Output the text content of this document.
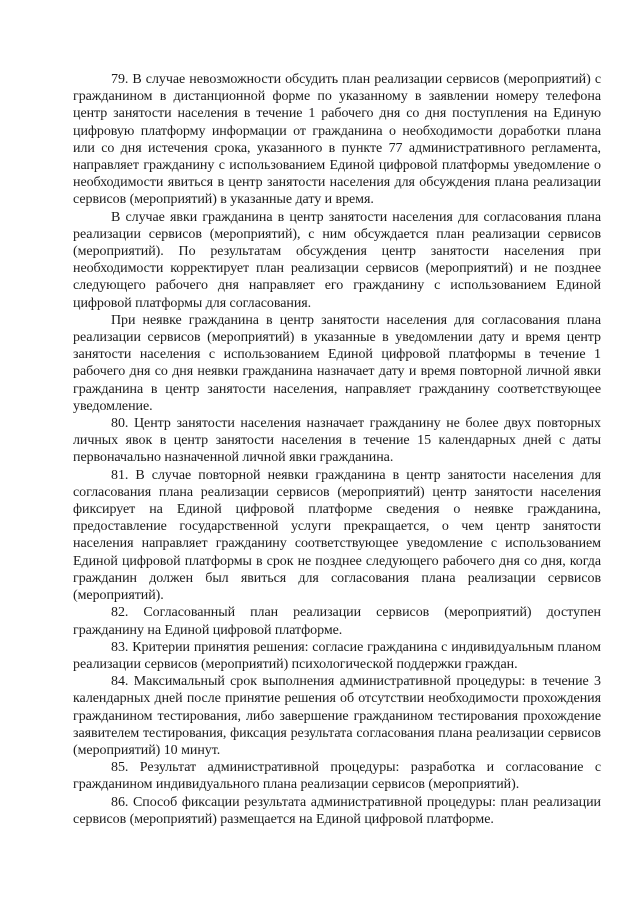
79. В случае невозможности обсудить план реализации сервисов (мероприятий) с гражданином в дистанционной форме по указанному в заявлении номеру телефона центр занятости населения в течение 1 рабочего дня со дня поступления на Единую цифровую платформу информации от гражданина о необходимости доработки плана или со дня истечения срока, указанного в пункте 77 административного регламента, направляет гражданину с использованием Единой цифровой платформы уведомление о необходимости явиться в центр занятости населения для обсуждения плана реализации сервисов (мероприятий) в указанные дату и время.

В случае явки гражданина в центр занятости населения для согласования плана реализации сервисов (мероприятий), с ним обсуждается план реализации сервисов (мероприятий). По результатам обсуждения центр занятости населения при необходимости корректирует план реализации сервисов (мероприятий) и не позднее следующего рабочего дня направляет его гражданину с использованием Единой цифровой платформы для согласования.

При неявке гражданина в центр занятости населения для согласования плана реализации сервисов (мероприятий) в указанные в уведомлении дату и время центр занятости населения с использованием Единой цифровой платформы в течение 1 рабочего дня со дня неявки гражданина назначает дату и время повторной личной явки гражданина в центр занятости населения, направляет гражданину соответствующее уведомление.

80. Центр занятости населения назначает гражданину не более двух повторных личных явок в центр занятости населения в течение 15 календарных дней с даты первоначально назначенной личной явки гражданина.

81. В случае повторной неявки гражданина в центр занятости населения для согласования плана реализации сервисов (мероприятий) центр занятости населения фиксирует на Единой цифровой платформе сведения о неявке гражданина, предоставление государственной услуги прекращается, о чем центр занятости населения направляет гражданину соответствующее уведомление с использованием Единой цифровой платформы в срок не позднее следующего рабочего дня со дня, когда гражданин должен был явиться для согласования плана реализации сервисов (мероприятий).

82. Согласованный план реализации сервисов (мероприятий) доступен гражданину на Единой цифровой платформе.

83. Критерии принятия решения: согласие гражданина с индивидуальным планом реализации сервисов (мероприятий) психологической поддержки граждан.

84. Максимальный срок выполнения административной процедуры: в течение 3 календарных дней после принятие решения об отсутствии необходимости прохождения гражданином тестирования, либо завершение гражданином тестирования прохождение заявителем тестирования, фиксация результата согласования плана реализации сервисов (мероприятий) 10 минут.

85. Результат административной процедуры: разработка и согласование с гражданином индивидуального плана реализации сервисов (мероприятий).

86. Способ фиксации результата административной процедуры: план реализации сервисов (мероприятий) размещается на Единой цифровой платформе.
